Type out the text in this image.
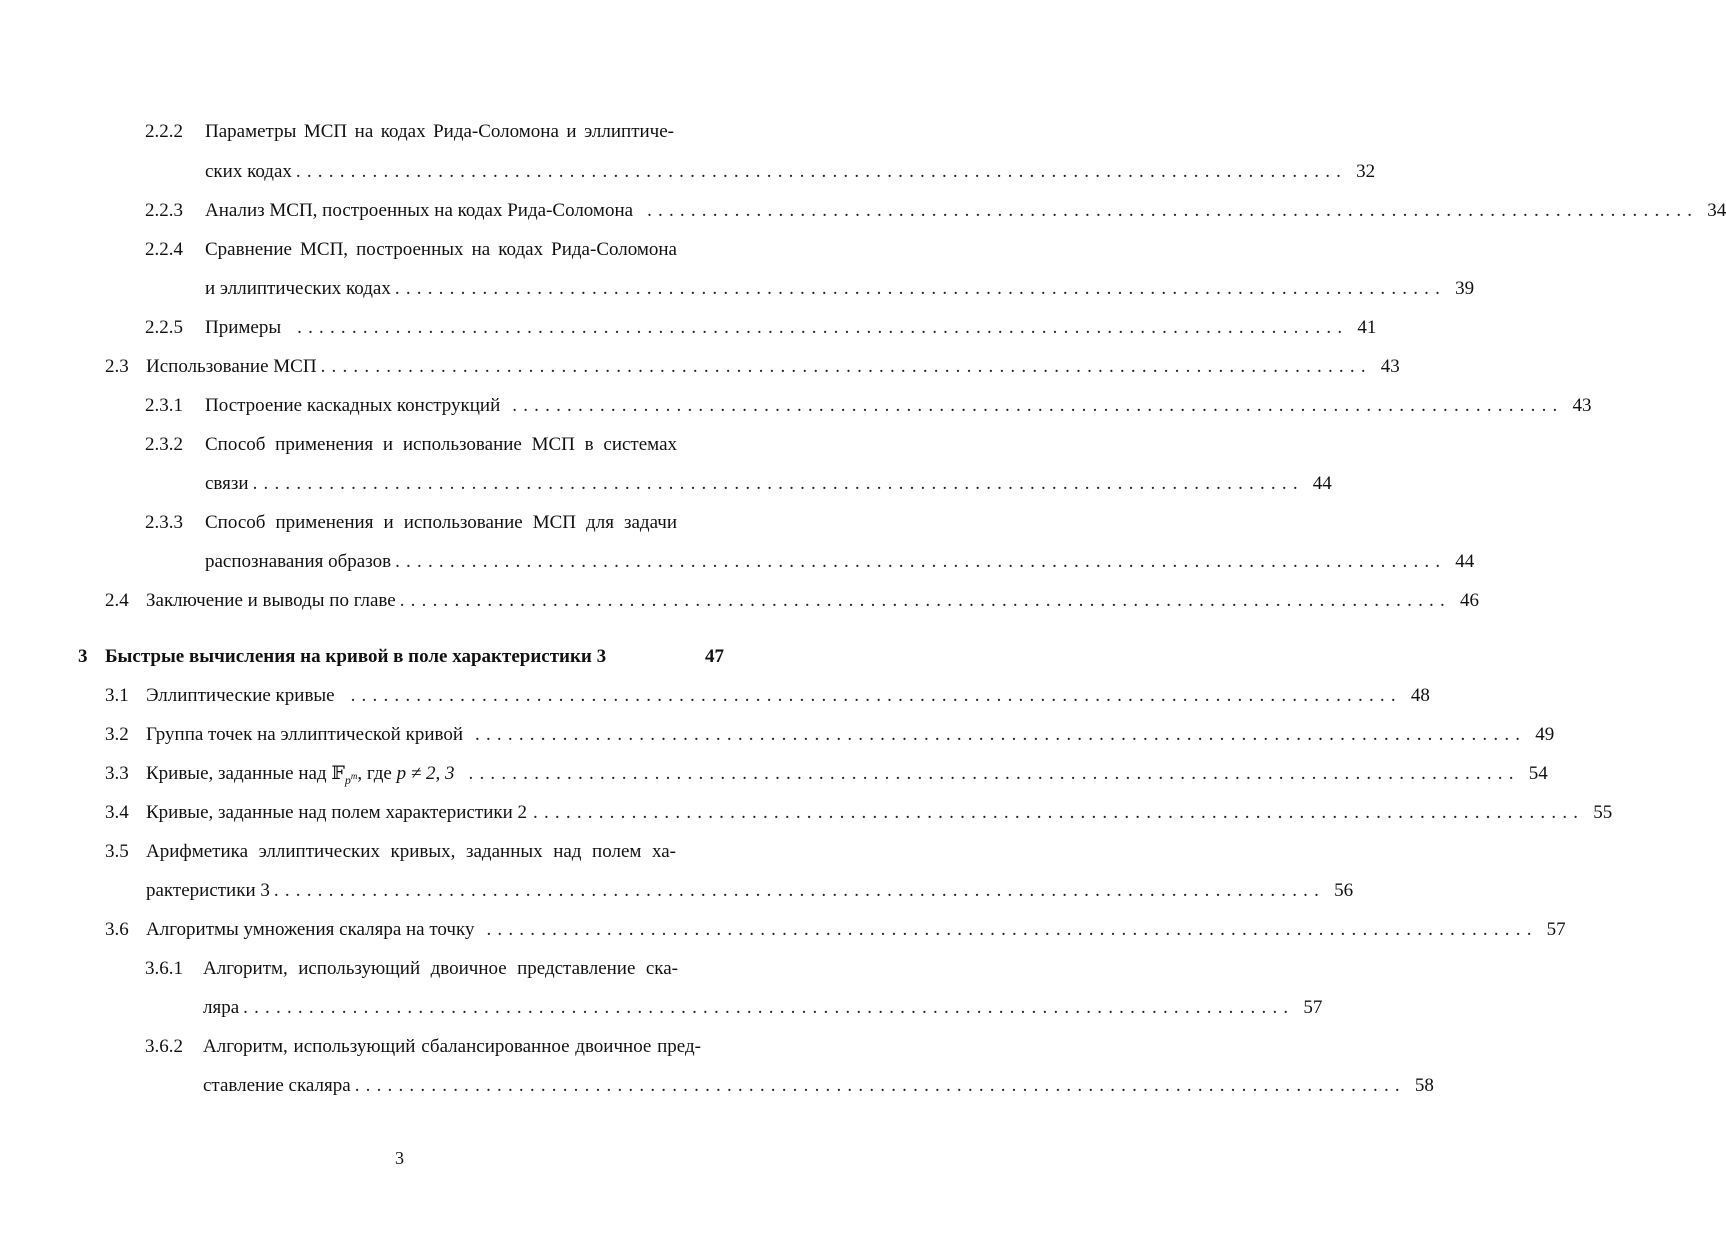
2.2.2 Параметры МСП на кодах Рида-Соломона и эллиптиче-
ских кодах ................................................................................................ 32
2.2.3 Анализ МСП, построенных на кодах Рида-Соломона ................................................................................................ 34
2.2.4 Сравнение МСП, построенных на кодах Рида-Соломона
и эллиптических кодах ................................................................................................ 39
2.2.5 Примеры ................................................................................................ 41
2.3 Использование МСП ................................................................................................ 43
2.3.1 Построение каскадных конструкций ................................................................................................ 43
2.3.2 Способ применения и использование МСП в системах
связи ................................................................................................ 44
2.3.3 Способ применения и использование МСП для задачи
распознавания образов ................................................................................................ 44
2.4 Заключение и выводы по главе ................................................................................................ 46
3 Быстрые вычисления на кривой в поле характеристики 3	47
3.1 Эллиптические кривые ................................................................................................ 48
3.2 Группа точек на эллиптической кривой ................................................................................................ 49
3.3 Кривые, заданные над 𝔽$_{p^m}$, где p ≠ 2, 3 ................................................................................................ 54
3.4 Кривые, заданные над полем характеристики 2 ................................................................................................ 55
3.5 Арифметика эллиптических кривых, заданных над полем ха-
рактеристики 3 ................................................................................................ 56
3.6 Алгоритмы умножения скаляра на точку ................................................................................................ 57
3.6.1 Алгоритм, использующий двоичное представление ска-
ляра ................................................................................................ 57
3.6.2 Алгоритм, использующий сбалансированное двоичное пред-
ставление скаляра ................................................................................................ 58
3
